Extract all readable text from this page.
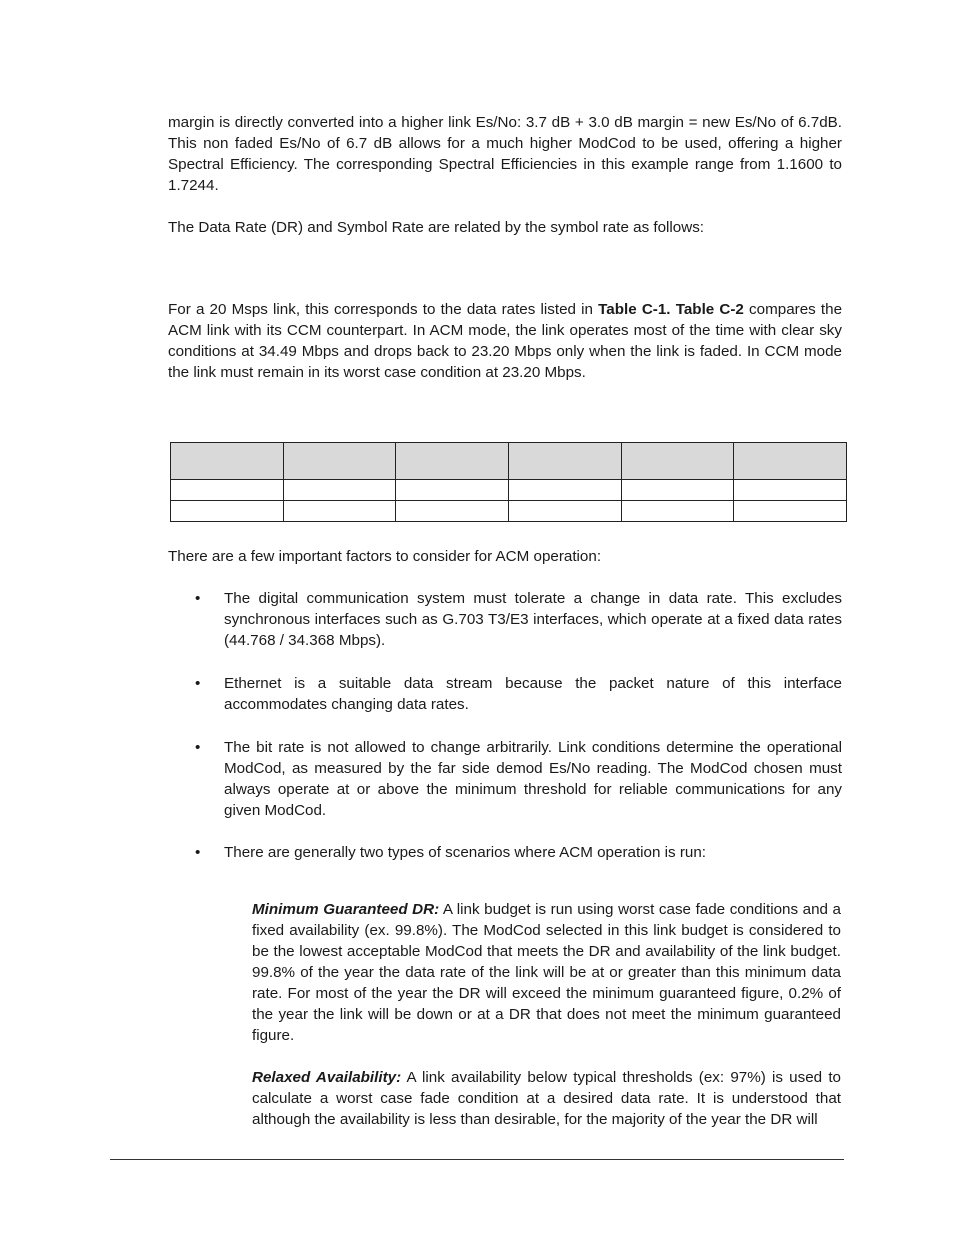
margin is directly converted into a higher link Es/No: 3.7 dB + 3.0 dB margin = new Es/No of 6.7dB. This non faded Es/No of 6.7 dB allows for a much higher ModCod to be used, offering a higher Spectral Efficiency. The corresponding Spectral Efficiencies in this example range from 1.1600 to 1.7244.

The Data Rate (DR) and Symbol Rate are related by the symbol rate as follows:

For a 20 Msps link, this corresponds to the data rates listed in Table C-1. Table C-2 compares the ACM link with its CCM counterpart. In ACM mode, the link operates most of the time with clear sky conditions at 34.49 Mbps and drops back to 23.20 Mbps only when the link is faded. In CCM mode the link must remain in its worst case condition at 23.20 Mbps.

There are a few important factors to consider for ACM operation:

•	The digital communication system must tolerate a change in data rate. This excludes synchronous interfaces such as G.703 T3/E3 interfaces, which operate at a fixed data rates (44.768 / 34.368 Mbps).
•	Ethernet is a suitable data stream because the packet nature of this interface accommodates changing data rates.
•	The bit rate is not allowed to change arbitrarily. Link conditions determine the operational ModCod, as measured by the far side demod Es/No reading. The ModCod chosen must always operate at or above the minimum threshold for reliable communications for any given ModCod.
•	There are generally two types of scenarios where ACM operation is run:

Minimum Guaranteed DR: A link budget is run using worst case fade conditions and a fixed availability (ex. 99.8%). The ModCod selected in this link budget is considered to be the lowest acceptable ModCod that meets the DR and availability of the link budget. 99.8% of the year the data rate of the link will be at or greater than this minimum data rate. For most of the year the DR will exceed the minimum guaranteed figure, 0.2% of the year the link will be down or at a DR that does not meet the minimum guaranteed figure.

Relaxed Availability: A link availability below typical thresholds (ex: 97%) is used to calculate a worst case fade condition at a desired data rate. It is understood that although the availability is less than desirable, for the majority of the year the DR will
